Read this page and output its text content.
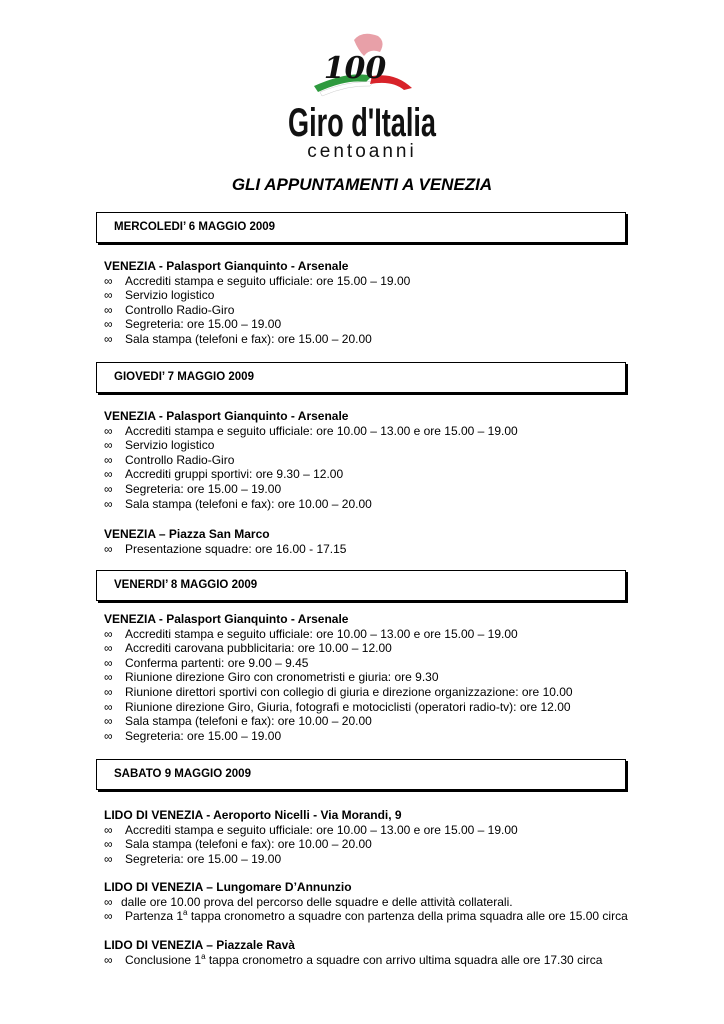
100
Giro d'Italia
centoanni
GLI APPUNTAMENTI A VENEZIA
MERCOLEDI’ 6 MAGGIO 2009
VENEZIA - Palasport Gianquinto - Arsenale
∞ Accrediti stampa e seguito ufficiale: ore 15.00 – 19.00
∞ Servizio logistico
∞ Controllo Radio-Giro
∞ Segreteria: ore 15.00 – 19.00
∞ Sala stampa (telefoni e fax): ore 15.00 – 20.00
GIOVEDI’ 7 MAGGIO 2009
VENEZIA - Palasport Gianquinto - Arsenale
∞ Accrediti stampa e seguito ufficiale: ore 10.00 – 13.00 e ore 15.00 – 19.00
∞ Servizio logistico
∞ Controllo Radio-Giro
∞ Accrediti gruppi sportivi: ore 9.30 – 12.00
∞ Segreteria: ore 15.00 – 19.00
∞ Sala stampa (telefoni e fax): ore 10.00 – 20.00
VENEZIA – Piazza San Marco
∞ Presentazione squadre: ore 16.00 - 17.15
VENERDI’ 8 MAGGIO 2009
VENEZIA - Palasport Gianquinto - Arsenale
∞ Accrediti stampa e seguito ufficiale: ore 10.00 – 13.00 e ore 15.00 – 19.00
∞ Accrediti carovana pubblicitaria: ore 10.00 – 12.00
∞ Conferma partenti: ore 9.00 – 9.45
∞ Riunione direzione Giro con cronometristi e giuria: ore 9.30
∞ Riunione direttori sportivi con collegio di giuria e direzione organizzazione: ore 10.00
∞ Riunione direzione Giro, Giuria, fotografi e motociclisti (operatori radio-tv): ore 12.00
∞ Sala stampa (telefoni e fax): ore 10.00 – 20.00
∞ Segreteria: ore 15.00 – 19.00
SABATO 9 MAGGIO 2009
LIDO DI VENEZIA - Aeroporto Nicelli - Via Morandi, 9
∞ Accrediti stampa e seguito ufficiale: ore 10.00 – 13.00 e ore 15.00 – 19.00
∞ Sala stampa (telefoni e fax): ore 10.00 – 20.00
∞ Segreteria: ore 15.00 – 19.00
LIDO DI VENEZIA – Lungomare D’Annunzio
∞ dalle ore 10.00 prova del percorso delle squadre e delle attività collaterali.
∞ Partenza 1$^a$ tappa cronometro a squadre con partenza della prima squadra alle ore 15.00 circa
LIDO DI VENEZIA – Piazzale Ravà
∞ Conclusione 1$^a$ tappa cronometro a squadre con arrivo ultima squadra alle ore 17.30 circa
